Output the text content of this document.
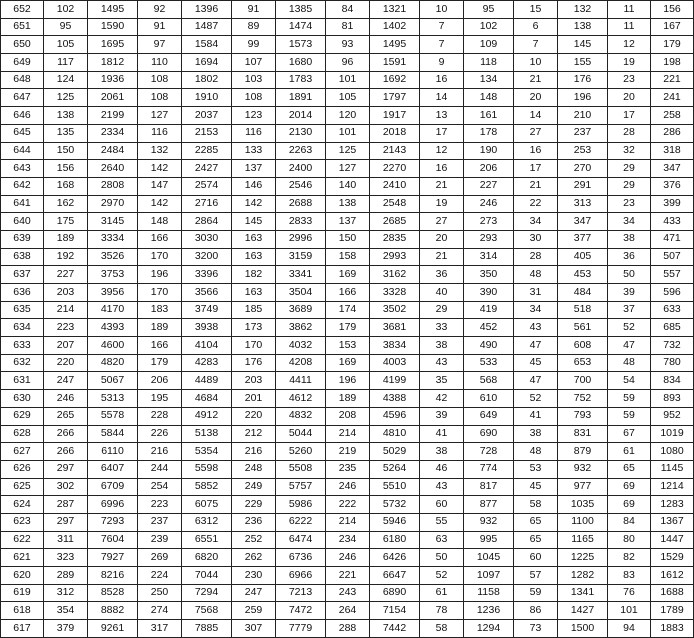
652	102	1495	92	1396	91	1385	84	1321	10	95	15	132	11	156
651	95	1590	91	1487	89	1474	81	1402	7	102	6	138	11	167
650	105	1695	97	1584	99	1573	93	1495	7	109	7	145	12	179
649	117	1812	110	1694	107	1680	96	1591	9	118	10	155	19	198
648	124	1936	108	1802	103	1783	101	1692	16	134	21	176	23	221
647	125	2061	108	1910	108	1891	105	1797	14	148	20	196	20	241
646	138	2199	127	2037	123	2014	120	1917	13	161	14	210	17	258
645	135	2334	116	2153	116	2130	101	2018	17	178	27	237	28	286
644	150	2484	132	2285	133	2263	125	2143	12	190	16	253	32	318
643	156	2640	142	2427	137	2400	127	2270	16	206	17	270	29	347
642	168	2808	147	2574	146	2546	140	2410	21	227	21	291	29	376
641	162	2970	142	2716	142	2688	138	2548	19	246	22	313	23	399
640	175	3145	148	2864	145	2833	137	2685	27	273	34	347	34	433
639	189	3334	166	3030	163	2996	150	2835	20	293	30	377	38	471
638	192	3526	170	3200	163	3159	158	2993	21	314	28	405	36	507
637	227	3753	196	3396	182	3341	169	3162	36	350	48	453	50	557
636	203	3956	170	3566	163	3504	166	3328	40	390	31	484	39	596
635	214	4170	183	3749	185	3689	174	3502	29	419	34	518	37	633
634	223	4393	189	3938	173	3862	179	3681	33	452	43	561	52	685
633	207	4600	166	4104	170	4032	153	3834	38	490	47	608	47	732
632	220	4820	179	4283	176	4208	169	4003	43	533	45	653	48	780
631	247	5067	206	4489	203	4411	196	4199	35	568	47	700	54	834
630	246	5313	195	4684	201	4612	189	4388	42	610	52	752	59	893
629	265	5578	228	4912	220	4832	208	4596	39	649	41	793	59	952
628	266	5844	226	5138	212	5044	214	4810	41	690	38	831	67	1019
627	266	6110	216	5354	216	5260	219	5029	38	728	48	879	61	1080
626	297	6407	244	5598	248	5508	235	5264	46	774	53	932	65	1145
625	302	6709	254	5852	249	5757	246	5510	43	817	45	977	69	1214
624	287	6996	223	6075	229	5986	222	5732	60	877	58	1035	69	1283
623	297	7293	237	6312	236	6222	214	5946	55	932	65	1100	84	1367
622	311	7604	239	6551	252	6474	234	6180	63	995	65	1165	80	1447
621	323	7927	269	6820	262	6736	246	6426	50	1045	60	1225	82	1529
620	289	8216	224	7044	230	6966	221	6647	52	1097	57	1282	83	1612
619	312	8528	250	7294	247	7213	243	6890	61	1158	59	1341	76	1688
618	354	8882	274	7568	259	7472	264	7154	78	1236	86	1427	101	1789
617	379	9261	317	7885	307	7779	288	7442	58	1294	73	1500	94	1883
